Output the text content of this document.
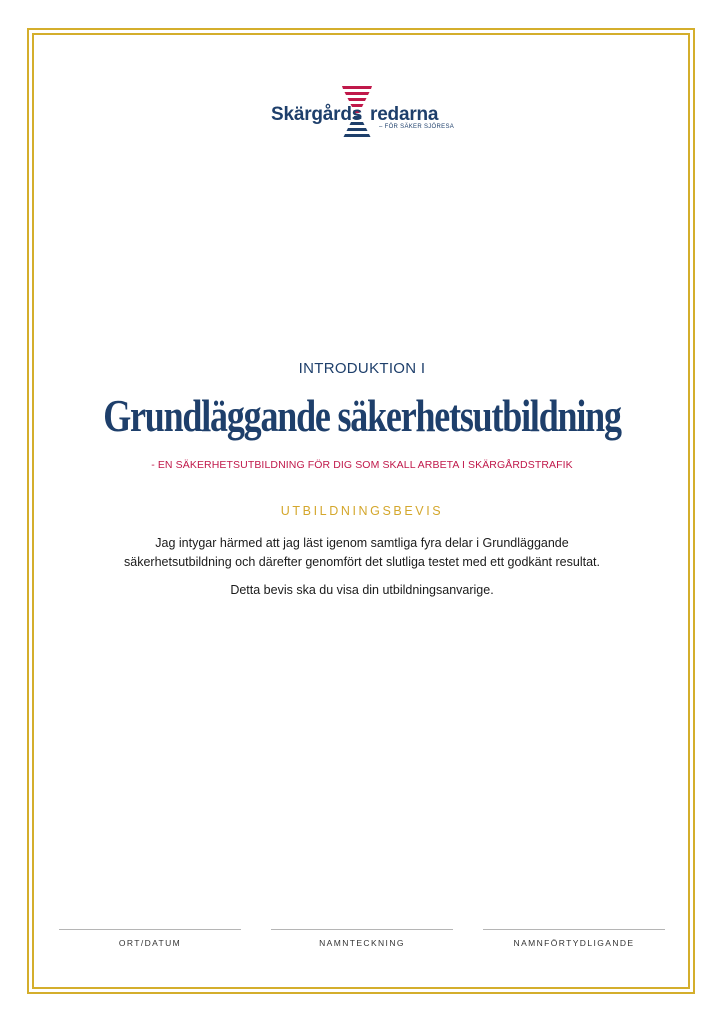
Skärgårds redarna
– FÖR SÄKER SJÖRESA
INTRODUKTION I
Grundläggande säkerhetsutbildning
- EN SÄKERHETSUTBILDNING FÖR DIG SOM SKALL ARBETA I SKÄRGÅRDSTRAFIK
UTBILDNINGSBEVIS
Jag intygar härmed att jag läst igenom samtliga fyra delar i Grundläggande
säkerhetsutbildning och därefter genomfört det slutliga testet med ett godkänt resultat.
Detta bevis ska du visa din utbildningsanvarige.
ORT/DATUM	NAMNTECKNING	NAMNFÖRTYDLIGANDE
